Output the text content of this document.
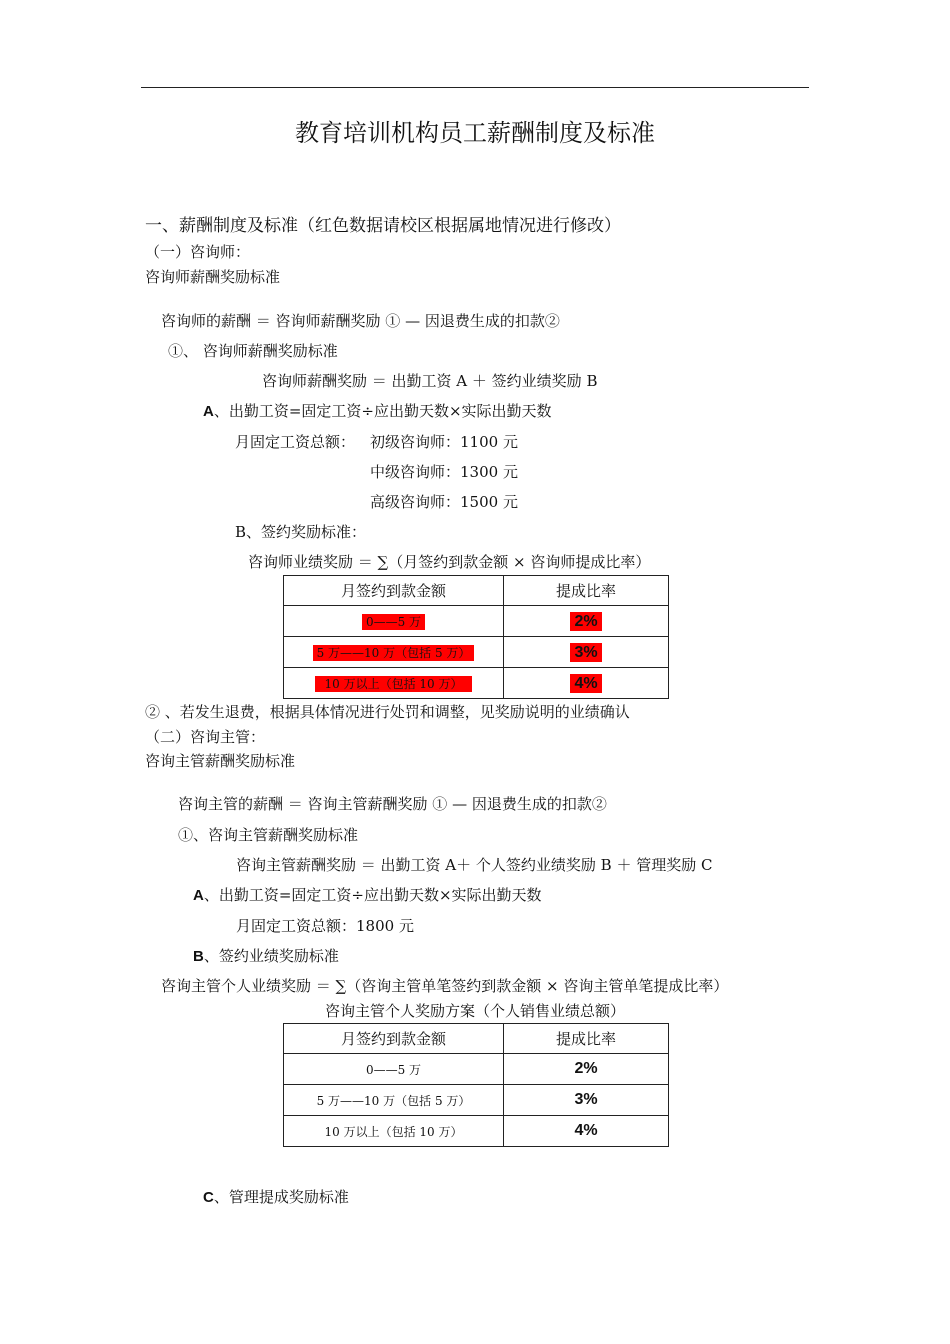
教育培训机构员工薪酬制度及标准
一、薪酬制度及标准（红色数据请校区根据属地情况进行修改）
（一）咨询师：
咨询师薪酬奖励标准
咨询师的薪酬 ＝ 咨询师薪酬奖励 ① — 因退费生成的扣款②
①、 咨询师薪酬奖励标准
咨询师薪酬奖励 ＝ 出勤工资 A ＋ 签约业绩奖励 B
A、出勤工资=固定工资÷应出勤天数×实际出勤天数
月固定工资总额： 初级咨询师：1100 元
中级咨询师：1300 元
高级咨询师：1500 元
B、签约奖励标准：
咨询师业绩奖励 ＝ ∑（月签约到款金额 × 咨询师提成比率）
月签约到款金额	提成比率
0——5 万	2%
5 万——10 万（包括 5 万）	3%
10 万以上（包括 10 万）	4%
② 、若发生退费，根据具体情况进行处罚和调整，见奖励说明的业绩确认
（二）咨询主管：
咨询主管薪酬奖励标准
咨询主管的薪酬 ＝ 咨询主管薪酬奖励 ① — 因退费生成的扣款②
①、咨询主管薪酬奖励标准
咨询主管薪酬奖励 ＝ 出勤工资 A＋ 个人签约业绩奖励 B ＋ 管理奖励 C
A、出勤工资=固定工资÷应出勤天数×实际出勤天数
月固定工资总额：1800 元
B、签约业绩奖励标准
咨询主管个人业绩奖励 ＝ ∑（咨询主管单笔签约到款金额 × 咨询主管单笔提成比率）
咨询主管个人奖励方案（个人销售业绩总额）
月签约到款金额	提成比率
0——5 万	2%
5 万——10 万（包括 5 万）	3%
10 万以上（包括 10 万）	4%
C、管理提成奖励标准
